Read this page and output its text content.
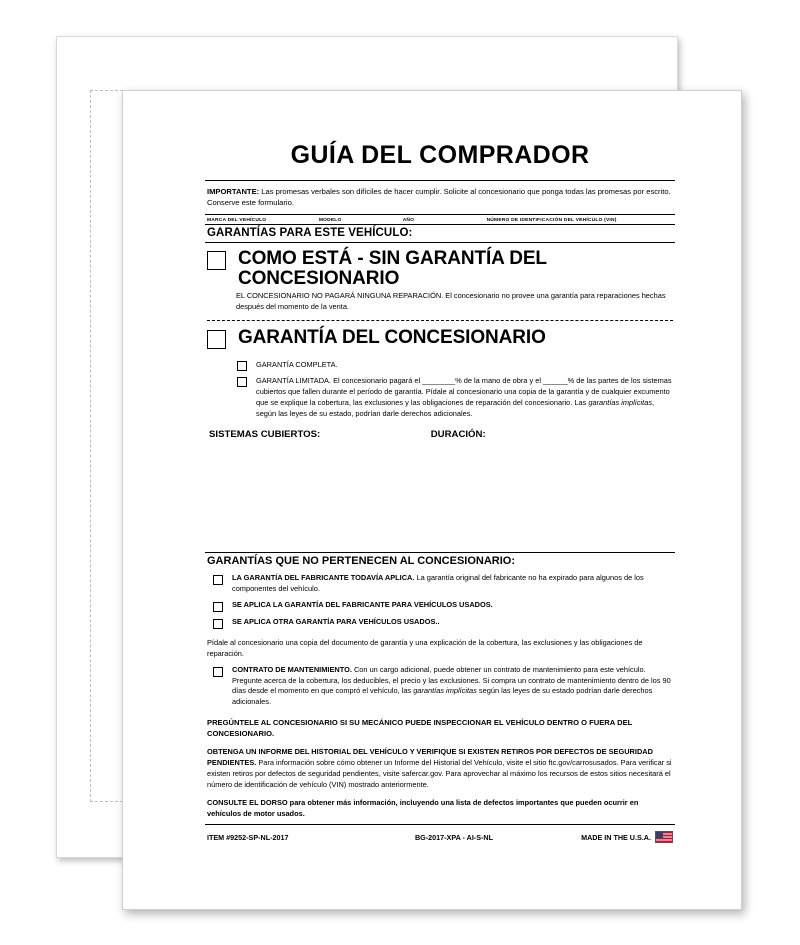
GUÍA DEL COMPRADOR
IMPORTANTE: Las promesas verbales son difíciles de hacer cumplir. Solicite al concesionario que ponga todas las promesas por escrito. Conserve este formulario.
MARCA DEL VEHÍCULO	MODELO	AÑO	NÚMERO DE IDENTIFICACIÓN DEL VEHÍCULO (VIN)
GARANTÍAS PARA ESTE VEHÍCULO:
COMO ESTÁ - SIN GARANTÍA DEL CONCESIONARIO
EL CONCESIONARIO NO PAGARÁ NINGUNA REPARACIÓN. El concesionario no provee una garantía para reparaciones hechas después del momento de la venta.
GARANTÍA DEL CONCESIONARIO
GARANTÍA COMPLETA.
GARANTÍA LIMITADA. El concesionario pagará el ________% de la mano de obra y el ______% de las partes de los sistemas cubiertos que fallen durante el período de garantía. Pídale al concesionario una copia de la garantía y de cualquier excumento que se explique la cobertura, las exclusiones y las obligaciones de reparación del concesionario. Las garantías implícitas, según las leyes de su estado, podrían darle derechos adicionales.
SISTEMAS CUBIERTOS:	DURACIÓN:
GARANTÍAS QUE NO PERTENECEN AL CONCESIONARIO:
LA GARANTÍA DEL FABRICANTE TODAVÍA APLICA. La garantía original del fabricante no ha expirado para algunos de los componentes del vehículo.
SE APLICA LA GARANTÍA DEL FABRICANTE PARA VEHÍCULOS USADOS.
SE APLICA OTRA GARANTÍA PARA VEHÍCULOS USADOS..
Pídale al concesionario una copia del documento de garantía y una explicación de la cobertura, las exclusiones y las obligaciones de reparación.
CONTRATO DE MANTENIMIENTO. Con un cargo adicional, puede obtener un contrato de mantenimiento para este vehículo. Pregunte acerca de la cobertura, los deducibles, el precio y las exclusiones. Si compra un contrato de mantenimiento dentro de los 90 días desde el momento en que compró el vehículo, las garantías implícitas según las leyes de su estado podrían darle derechos adicionales.
PREGÚNTELE AL CONCESIONARIO SI SU MECÁNICO PUEDE INSPECCIONAR EL VEHÍCULO DENTRO O FUERA DEL CONCESIONARIO.
OBTENGA UN INFORME DEL HISTORIAL DEL VEHÍCULO Y VERIFIQUE SI EXISTEN RETIROS POR DEFECTOS DE SEGURIDAD PENDIENTES. Para información sobre cómo obtener un Informe del Historial del Vehículo, visite el sitio ftc.gov/carrosusados. Para verificar si existen retiros por defectos de seguridad pendientes, visite safercar.gov. Para aprovechar al máximo los recursos de estos sitios necesitará el número de identificación de vehículo (VIN) mostrado anteriormente.
CONSULTE EL DORSO para obtener más información, incluyendo una lista de defectos importantes que pueden ocurrir en vehículos de motor usados.
ITEM #9252-SP-NL-2017	BG-2017-XPA - AI-S-NL	MADE IN THE U.S.A.
